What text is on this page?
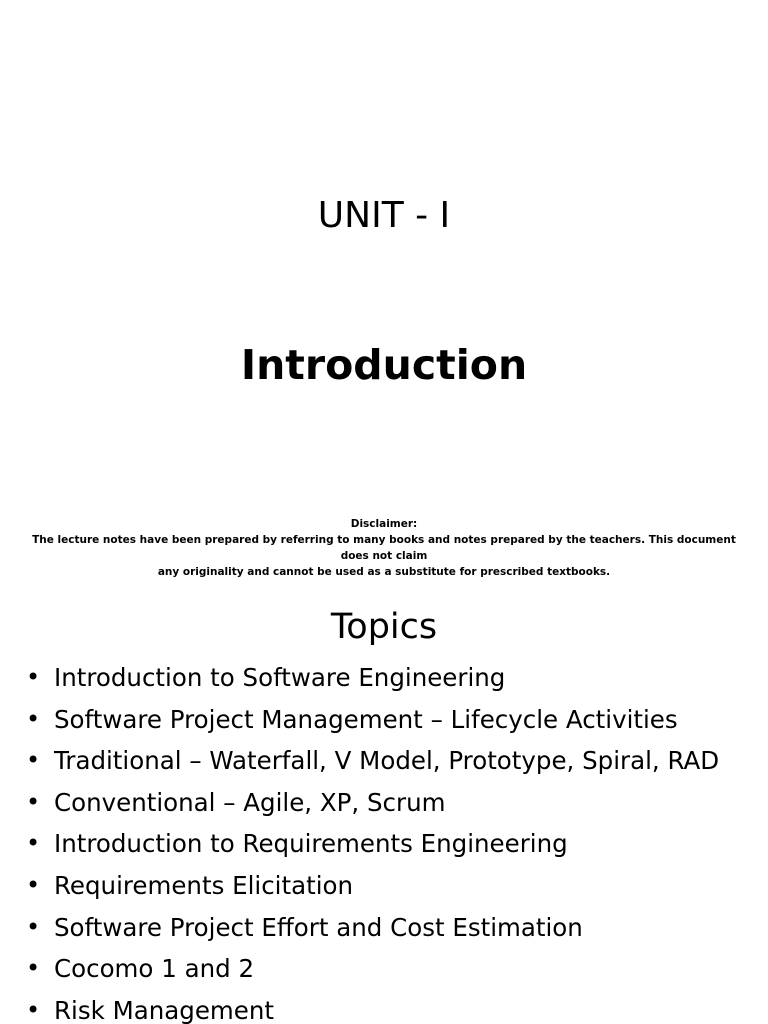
UNIT - I
Introduction
Disclaimer:
The lecture notes have been prepared by referring to many books and notes prepared by the teachers. This document does not claim
any originality and cannot be used as a substitute for prescribed textbooks.
Topics
• Introduction to Software Engineering
• Software Project Management – Lifecycle Activities
• Traditional – Waterfall, V Model, Prototype, Spiral, RAD
• Conventional – Agile, XP, Scrum
• Introduction to Requirements Engineering
• Requirements Elicitation
• Software Project Effort and Cost Estimation
• Cocomo 1 and 2
• Risk Management
